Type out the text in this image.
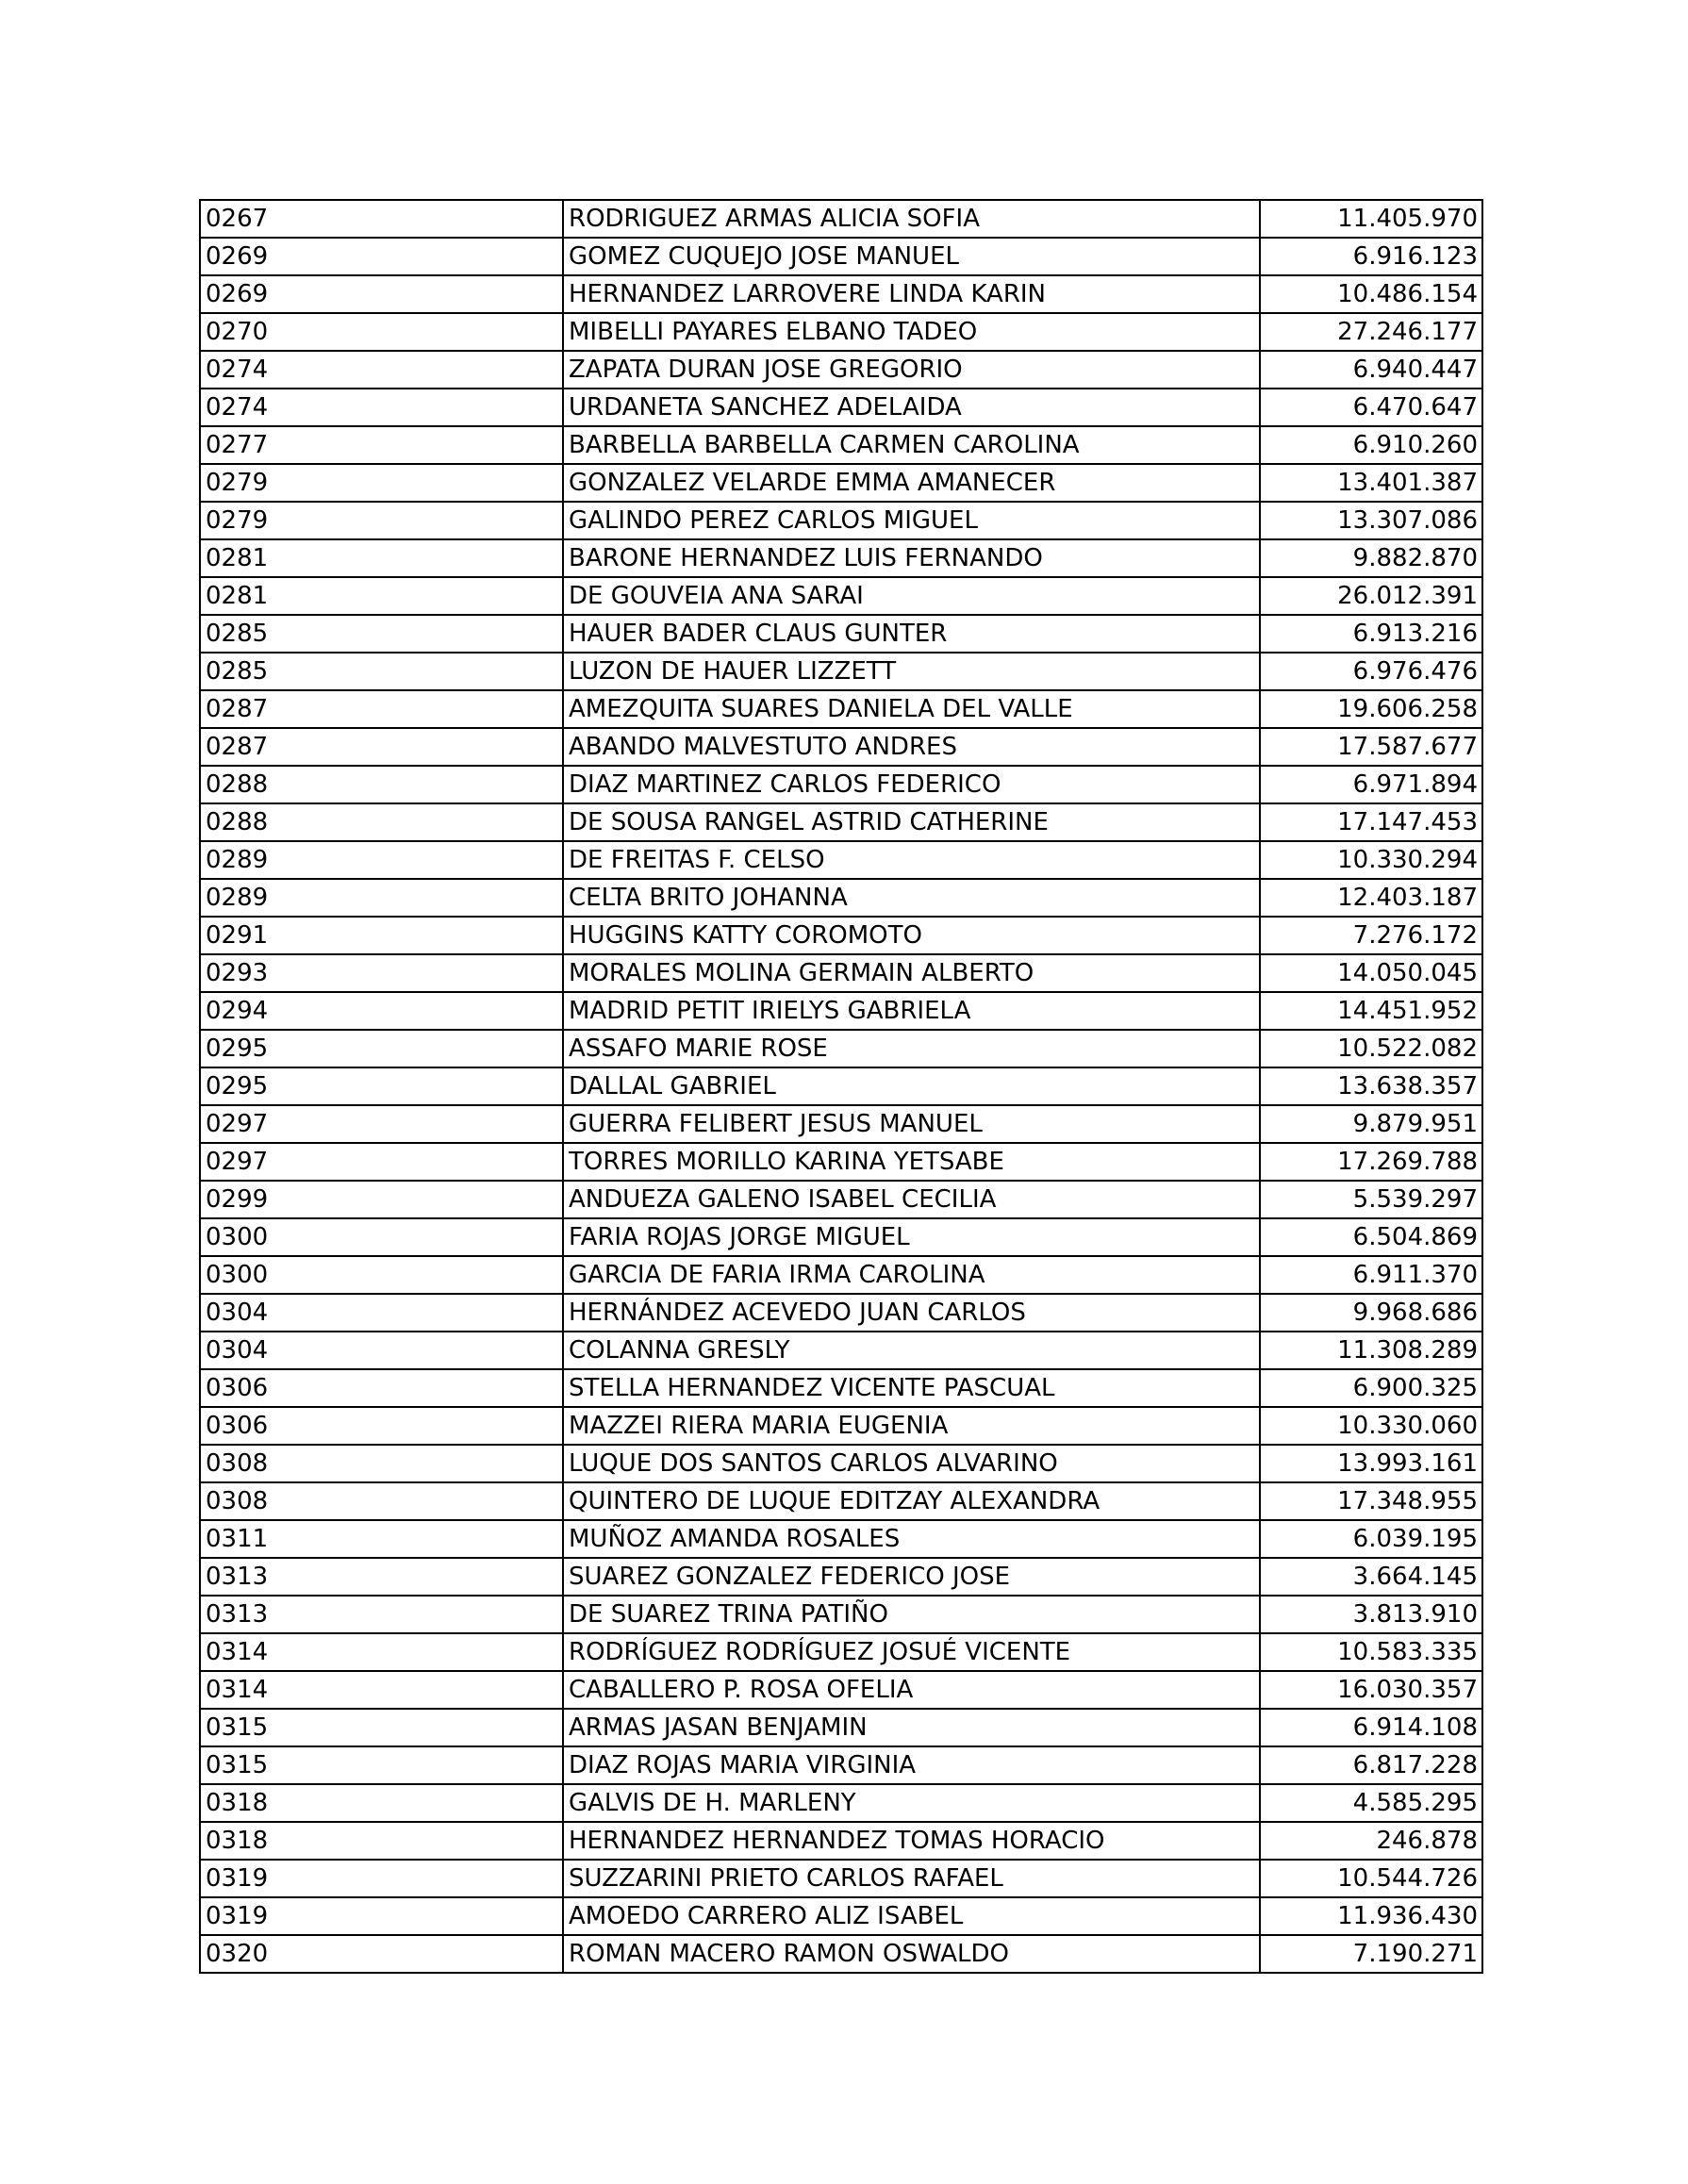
0267	RODRIGUEZ ARMAS ALICIA SOFIA	11.405.970
0269	GOMEZ CUQUEJO JOSE MANUEL	6.916.123
0269	HERNANDEZ LARROVERE LINDA KARIN	10.486.154
0270	MIBELLI PAYARES ELBANO TADEO	27.246.177
0274	ZAPATA DURAN JOSE GREGORIO	6.940.447
0274	URDANETA SANCHEZ ADELAIDA	6.470.647
0277	BARBELLA BARBELLA CARMEN CAROLINA	6.910.260
0279	GONZALEZ VELARDE EMMA AMANECER	13.401.387
0279	GALINDO PEREZ CARLOS MIGUEL	13.307.086
0281	BARONE HERNANDEZ LUIS FERNANDO	9.882.870
0281	DE GOUVEIA ANA SARAI	26.012.391
0285	HAUER BADER CLAUS GUNTER	6.913.216
0285	LUZON DE HAUER LIZZETT	6.976.476
0287	AMEZQUITA SUARES DANIELA DEL VALLE	19.606.258
0287	ABANDO MALVESTUTO ANDRES	17.587.677
0288	DIAZ MARTINEZ CARLOS FEDERICO	6.971.894
0288	DE SOUSA RANGEL ASTRID CATHERINE	17.147.453
0289	DE FREITAS F. CELSO	10.330.294
0289	CELTA BRITO JOHANNA	12.403.187
0291	HUGGINS KATTY COROMOTO	7.276.172
0293	MORALES MOLINA GERMAIN ALBERTO	14.050.045
0294	MADRID PETIT IRIELYS GABRIELA	14.451.952
0295	ASSAFO MARIE ROSE	10.522.082
0295	DALLAL GABRIEL	13.638.357
0297	GUERRA FELIBERT JESUS MANUEL	9.879.951
0297	TORRES MORILLO KARINA YETSABE	17.269.788
0299	ANDUEZA GALENO ISABEL CECILIA	5.539.297
0300	FARIA ROJAS JORGE MIGUEL	6.504.869
0300	GARCIA DE FARIA IRMA CAROLINA	6.911.370
0304	HERNÁNDEZ ACEVEDO JUAN CARLOS	9.968.686
0304	COLANNA GRESLY	11.308.289
0306	STELLA HERNANDEZ VICENTE PASCUAL	6.900.325
0306	MAZZEI RIERA MARIA EUGENIA	10.330.060
0308	LUQUE DOS SANTOS CARLOS ALVARINO	13.993.161
0308	QUINTERO DE LUQUE EDITZAY ALEXANDRA	17.348.955
0311	MUÑOZ AMANDA ROSALES	6.039.195
0313	SUAREZ GONZALEZ FEDERICO JOSE	3.664.145
0313	DE SUAREZ TRINA PATIÑO	3.813.910
0314	RODRÍGUEZ RODRÍGUEZ JOSUÉ VICENTE	10.583.335
0314	CABALLERO P. ROSA OFELIA	16.030.357
0315	ARMAS JASAN BENJAMIN	6.914.108
0315	DIAZ ROJAS MARIA VIRGINIA	6.817.228
0318	GALVIS DE H. MARLENY	4.585.295
0318	HERNANDEZ HERNANDEZ TOMAS HORACIO	246.878
0319	SUZZARINI PRIETO CARLOS RAFAEL	10.544.726
0319	AMOEDO CARRERO ALIZ ISABEL	11.936.430
0320	ROMAN MACERO RAMON OSWALDO	7.190.271
